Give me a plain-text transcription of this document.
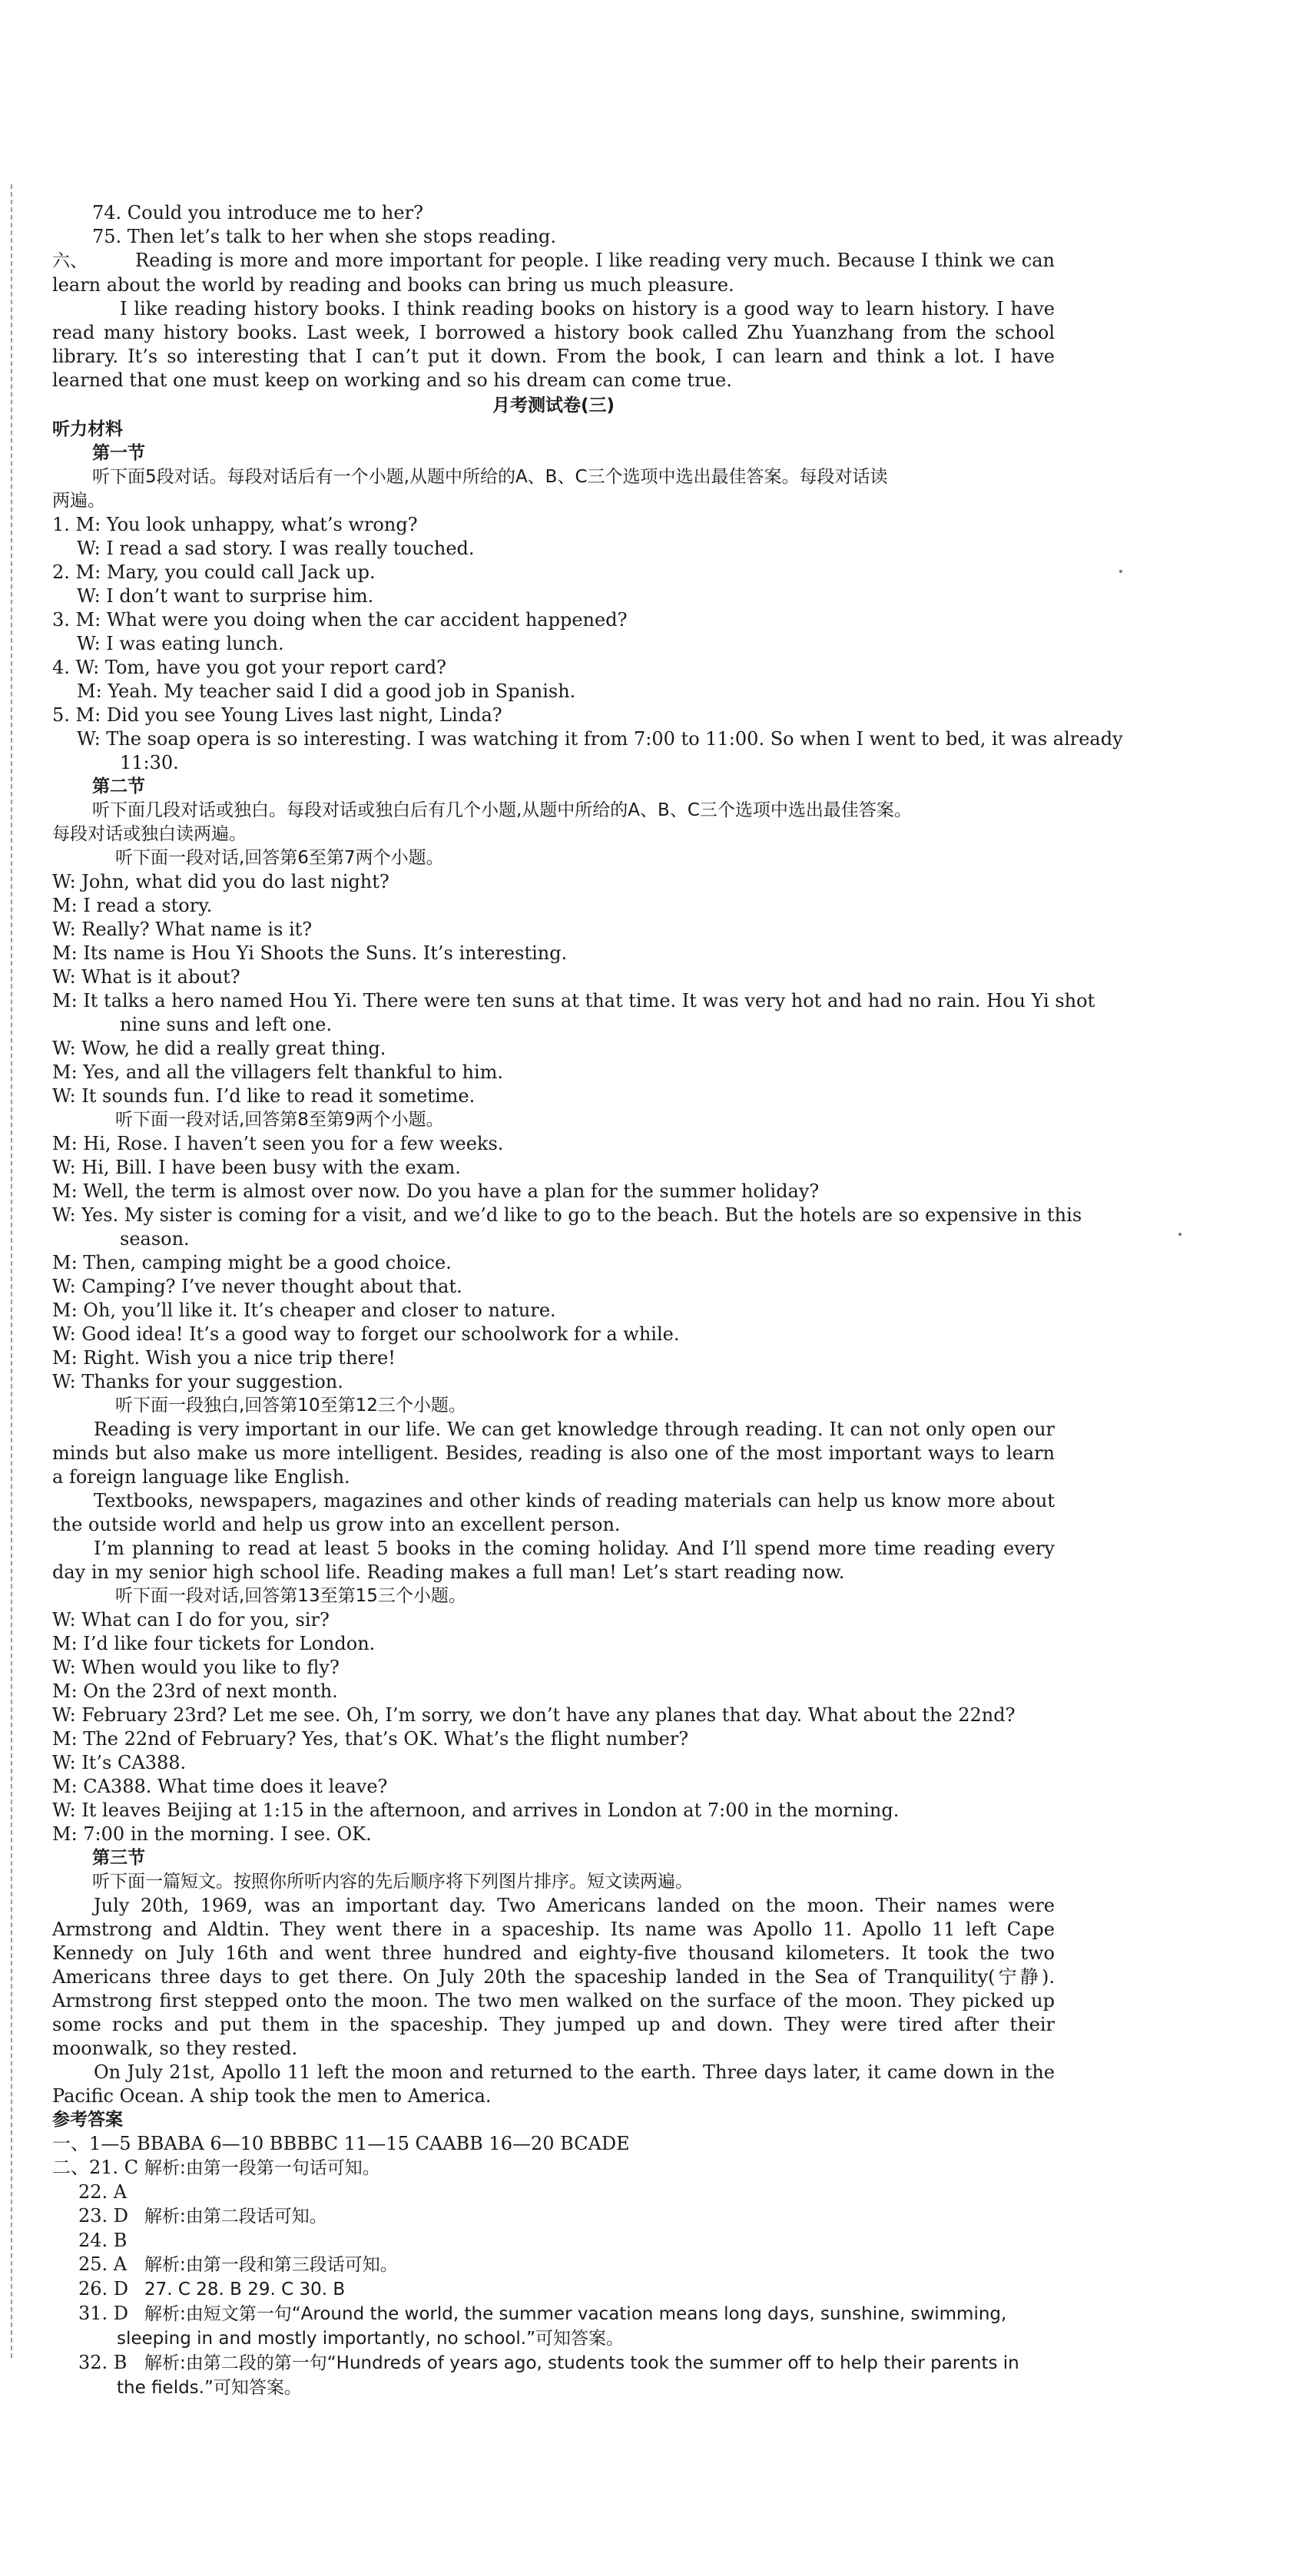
74. Could you introduce me to her?
75. Then let’s talk to her when she stops reading.
六、	Reading is more and more important for people. I like reading very much. Because I think we can learn about the world by reading and books can bring us much pleasure.
I like reading history books. I think reading books on history is a good way to learn history. I have read many history books. Last week, I borrowed a history book called Zhu Yuanzhang from the school library. It’s so interesting that I can’t put it down. From the book, I can learn and think a lot. I have learned that one must keep on working and so his dream can come true.
月考测试卷(三)
听力材料
第一节
听下面5段对话。每段对话后有一个小题,从题中所给的A、B、C三个选项中选出最佳答案。每段对话读
两遍。
1. M: You look unhappy, what’s wrong?
W: I read a sad story. I was really touched.
2. M: Mary, you could call Jack up.
W: I don’t want to surprise him.
3. M: What were you doing when the car accident happened?
W: I was eating lunch.
4. W: Tom, have you got your report card?
M: Yeah. My teacher said I did a good job in Spanish.
5. M: Did you see Young Lives last night, Linda?
W: The soap opera is so interesting. I was watching it from 7:00 to 11:00. So when I went to bed, it was already
11:30.
第二节
听下面几段对话或独白。每段对话或独白后有几个小题,从题中所给的A、B、C三个选项中选出最佳答案。
每段对话或独白读两遍。
听下面一段对话,回答第6至第7两个小题。
W: John, what did you do last night?
M: I read a story.
W: Really? What name is it?
M: Its name is Hou Yi Shoots the Suns. It’s interesting.
W: What is it about?
M: It talks a hero named Hou Yi. There were ten suns at that time. It was very hot and had no rain. Hou Yi shot
nine suns and left one.
W: Wow, he did a really great thing.
M: Yes, and all the villagers felt thankful to him.
W: It sounds fun. I’d like to read it sometime.
听下面一段对话,回答第8至第9两个小题。
M: Hi, Rose. I haven’t seen you for a few weeks.
W: Hi, Bill. I have been busy with the exam.
M: Well, the term is almost over now. Do you have a plan for the summer holiday?
W: Yes. My sister is coming for a visit, and we’d like to go to the beach. But the hotels are so expensive in this
season.
M: Then, camping might be a good choice.
W: Camping? I’ve never thought about that.
M: Oh, you’ll like it. It’s cheaper and closer to nature.
W: Good idea! It’s a good way to forget our schoolwork for a while.
M: Right. Wish you a nice trip there!
W: Thanks for your suggestion.
听下面一段独白,回答第10至第12三个小题。
Reading is very important in our life. We can get knowledge through reading. It can not only open our minds but also make us more intelligent. Besides, reading is also one of the most important ways to learn a foreign language like English.
Textbooks, newspapers, magazines and other kinds of reading materials can help us know more about the outside world and help us grow into an excellent person.
I’m planning to read at least 5 books in the coming holiday. And I’ll spend more time reading every day in my senior high school life. Reading makes a full man! Let’s start reading now.
听下面一段对话,回答第13至第15三个小题。
W: What can I do for you, sir?
M: I’d like four tickets for London.
W: When would you like to fly?
M: On the 23rd of next month.
W: February 23rd? Let me see. Oh, I’m sorry, we don’t have any planes that day. What about the 22nd?
M: The 22nd of February? Yes, that’s OK. What’s the flight number?
W: It’s CA388.
M: CA388. What time does it leave?
W: It leaves Beijing at 1:15 in the afternoon, and arrives in London at 7:00 in the morning.
M: 7:00 in the morning. I see. OK.
第三节
听下面一篇短文。按照你所听内容的先后顺序将下列图片排序。短文读两遍。
July 20th, 1969, was an important day. Two Americans landed on the moon. Their names were Armstrong and Aldtin. They went there in a spaceship. Its name was Apollo 11. Apollo 11 left Cape Kennedy on July 16th and went three hundred and eighty-five thousand kilometers. It took the two Americans three days to get there. On July 20th the spaceship landed in the Sea of Tranquility(宁静). Armstrong first stepped onto the moon. The two men walked on the surface of the moon. They picked up some rocks and put them in the spaceship. They jumped up and down. They were tired after their moonwalk, so they rested.
On July 21st, Apollo 11 left the moon and returned to the earth. Three days later, it came down in the Pacific Ocean. A ship took the men to America.
参考答案
一、1—5 BBABA 6—10 BBBBC 11—15 CAABB 16—20 BCADE
二、21. C 解析:由第一段第一句话可知。
22. A
23. D 解析:由第二段话可知。
24. B
25. A 解析:由第一段和第三段话可知。
26. D 27. C 28. B 29. C 30. B
31. D 解析:由短文第一句“Around the world, the summer vacation means long days, sunshine, swimming,
sleeping in and mostly importantly, no school.”可知答案。
32. B 解析:由第二段的第一句“Hundreds of years ago, students took the summer off to help their parents in
the fields.”可知答案。
